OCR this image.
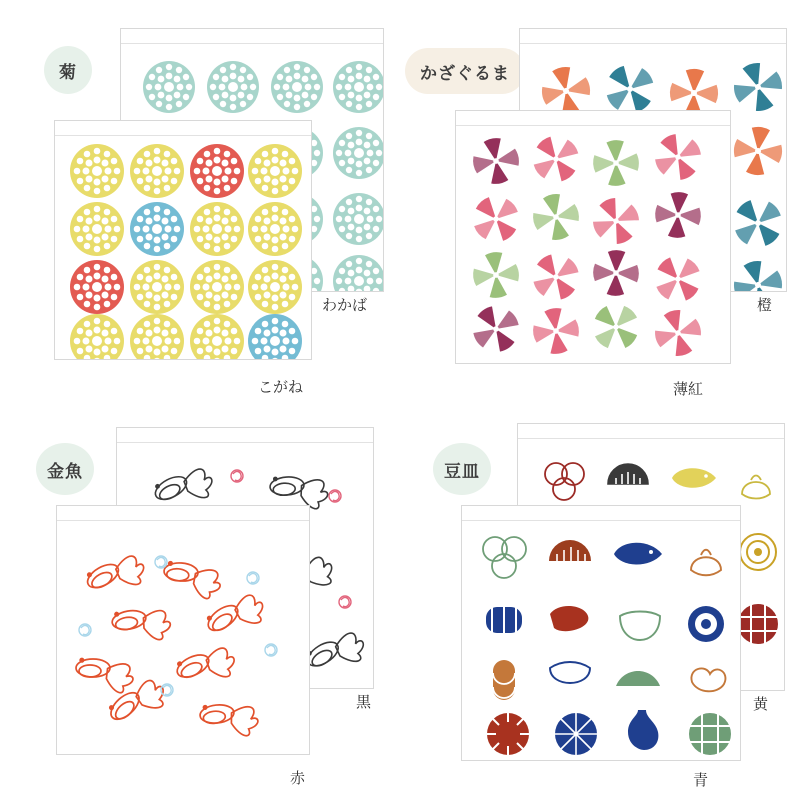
菊
わかば
こがね
かざぐるま
橙
薄紅
金魚
黒
赤
豆皿
黄
青
